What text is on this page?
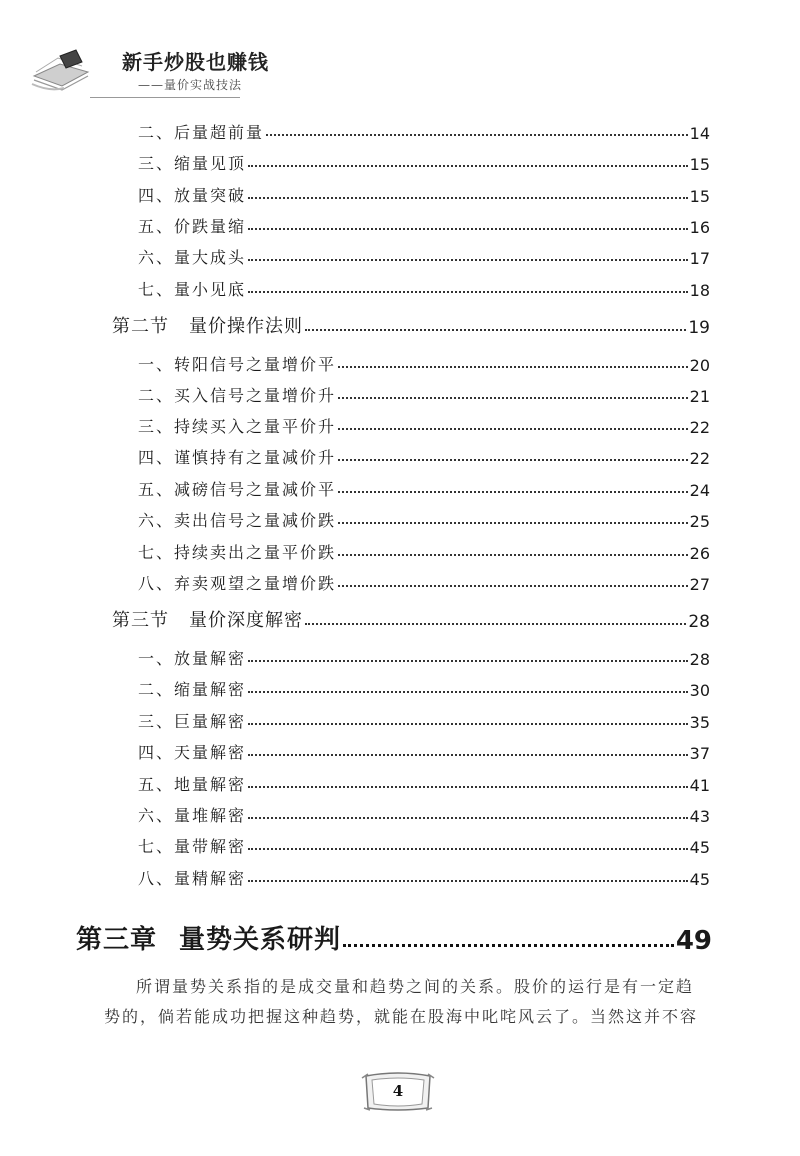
新手炒股也赚钱
——量价实战技法
二、后量超前量	14
三、缩量见顶	15
四、放量突破	15
五、价跌量缩	16
六、量大成头	17
七、量小见底	18
第二节 量价操作法则	19
一、转阳信号之量增价平	20
二、买入信号之量增价升	21
三、持续买入之量平价升	22
四、谨慎持有之量减价升	22
五、减磅信号之量减价平	24
六、卖出信号之量减价跌	25
七、持续卖出之量平价跌	26
八、弃卖观望之量增价跌	27
第三节 量价深度解密	28
一、放量解密	28
二、缩量解密	30
三、巨量解密	35
四、天量解密	37
五、地量解密	41
六、量堆解密	43
七、量带解密	45
八、量精解密	45
第三章 量势关系研判	49
所谓量势关系指的是成交量和趋势之间的关系。股价的运行是有一定趋
势的，倘若能成功把握这种趋势，就能在股海中叱咤风云了。当然这并不容
4
